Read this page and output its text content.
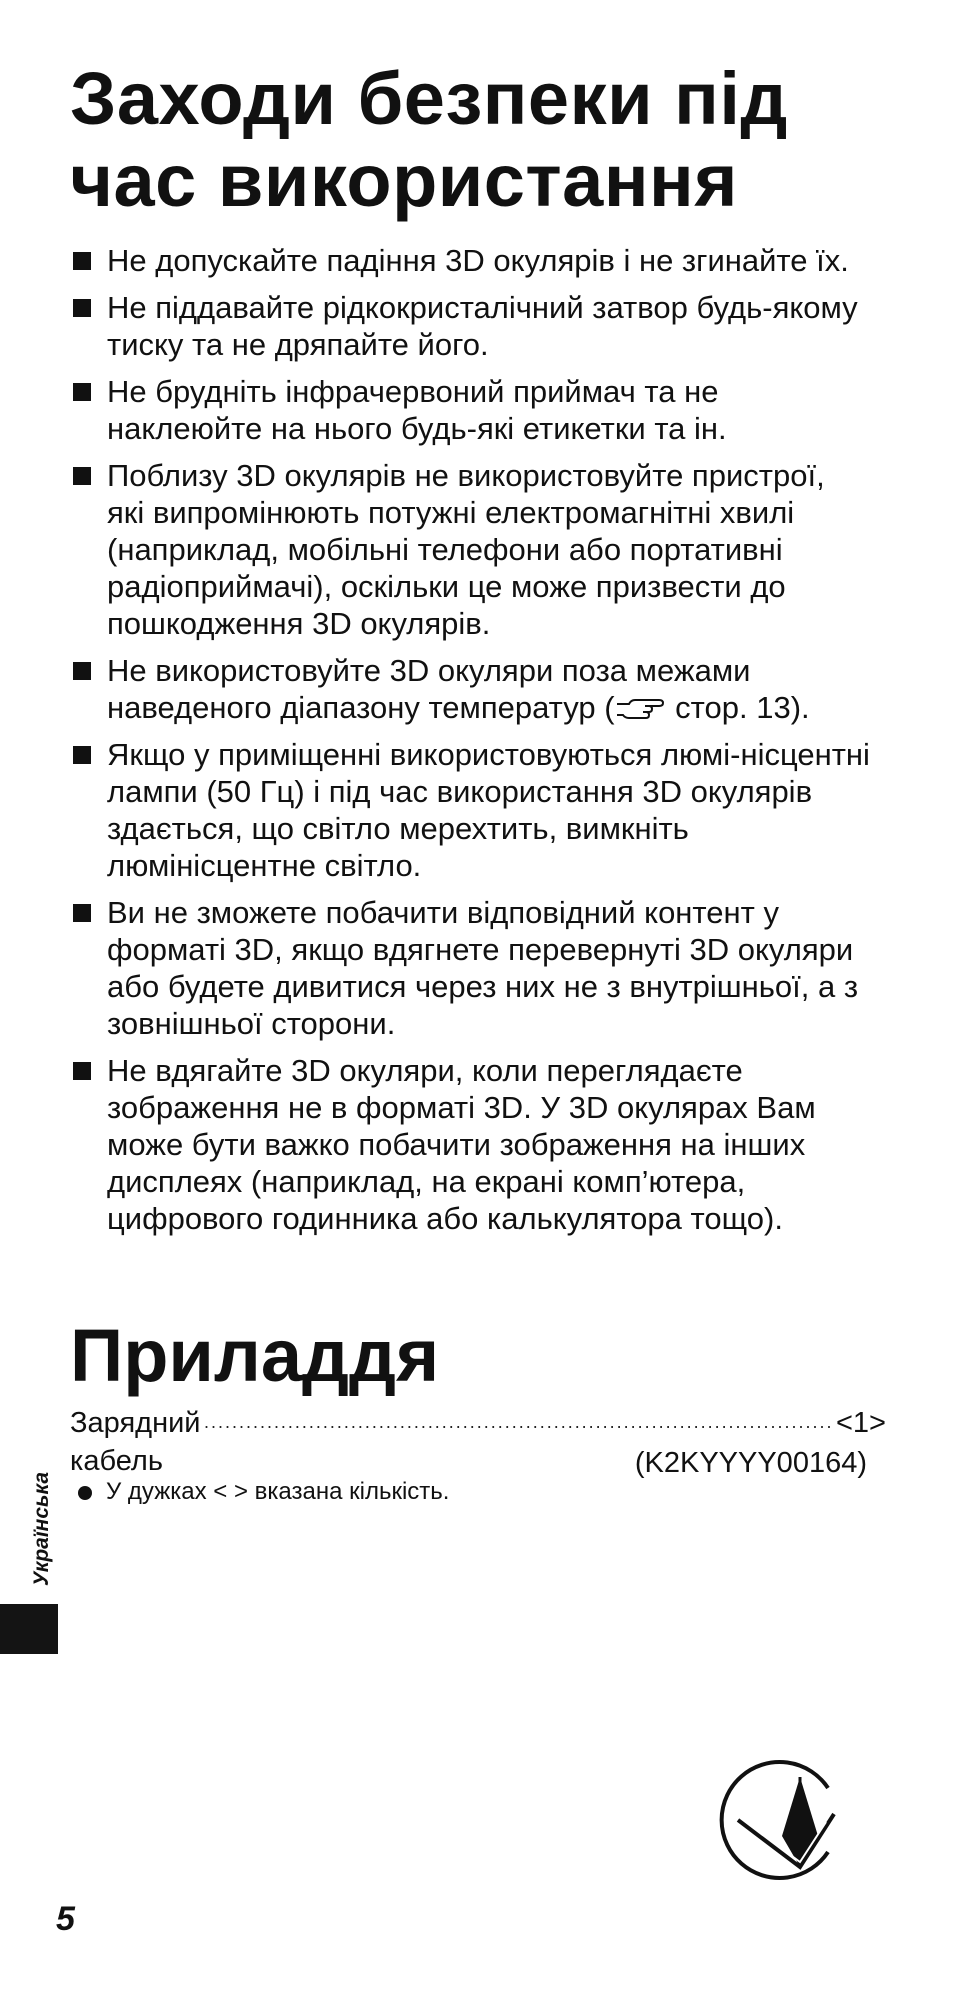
Заходи безпеки під час використання
Не допускайте падіння 3D окулярів і не згинайте їх.
Не піддавайте рідкокристалічний затвор будь-якому тиску та не дряпайте його.
Не брудніть інфрачервоний приймач та не наклеюйте на нього будь-які етикетки та ін.
Поблизу 3D окулярів не використовуйте пристрої, які випромінюють потужні електромагнітні хвилі (наприклад, мобільні телефони або портативні радіоприймачі), оскільки це може призвести до пошкодження 3D окулярів.
Не використовуйте 3D окуляри поза межами наведеного діапазону температур ( стор. 13).
Якщо у приміщенні використовуються люмі-нісцентні лампи (50 Гц) і під час використання 3D окулярів здається, що світло мерехтить, вимкніть люмінісцентне світло.
Ви не зможете побачити відповідний контент у форматі 3D, якщо вдягнете перевернуті 3D окуляри або будете дивитися через них не з внутрішньої, а з зовнішньої сторони.
Не вдягайте 3D окуляри, коли переглядаєте зображення не в форматі 3D. У 3D окулярах Вам може бути важко побачити зображення на інших дисплеях (наприклад, на екрані комп’ютера, цифрового годинника або калькулятора тощо).
Приладдя
Зарядний кабель
·························································································· <1>
(K2KYYYY00164)
У дужках < > вказана кількість.
Українська
5
